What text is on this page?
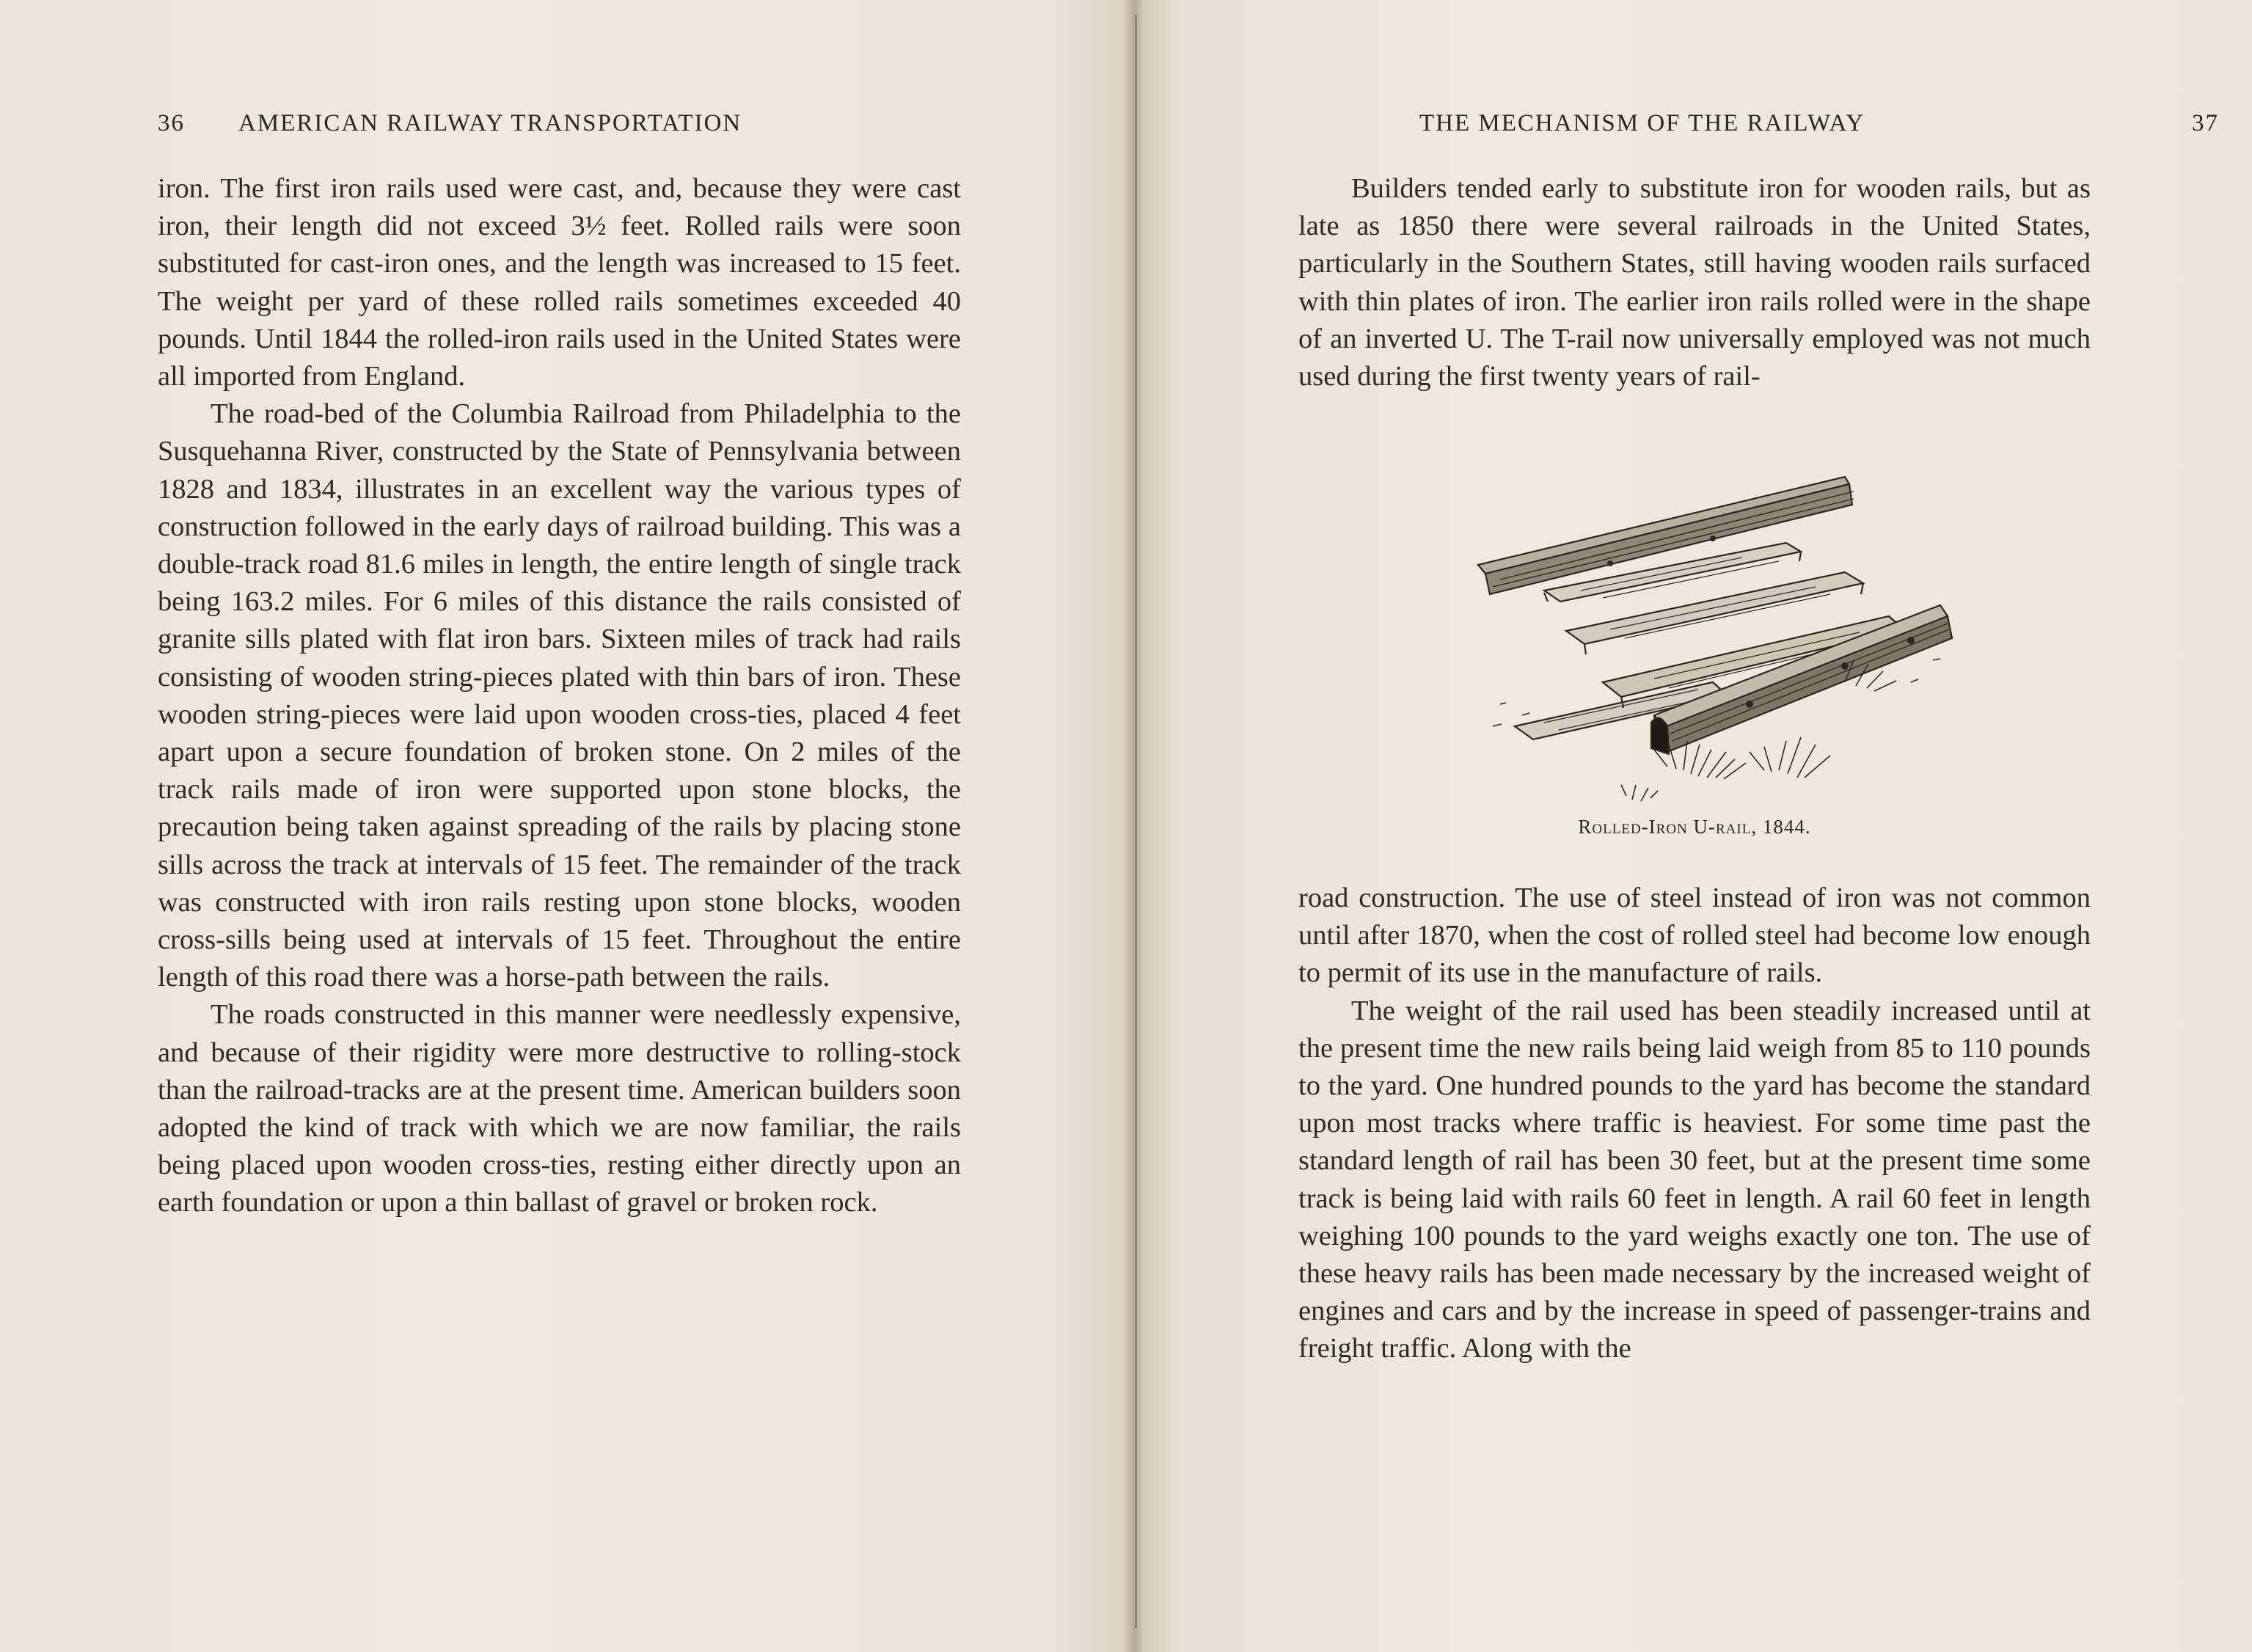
36	AMERICAN RAILWAY TRANSPORTATION

iron. The first iron rails used were cast, and, because they were cast iron, their length did not exceed 3½ feet. Rolled rails were soon substituted for cast-iron ones, and the length was increased to 15 feet. The weight per yard of these rolled rails sometimes exceeded 40 pounds. Until 1844 the rolled-iron rails used in the United States were all imported from England.

The road-bed of the Columbia Railroad from Philadelphia to the Susquehanna River, constructed by the State of Pennsylvania between 1828 and 1834, illustrates in an excellent way the various types of construction followed in the early days of railroad building. This was a double-track road 81.6 miles in length, the entire length of single track being 163.2 miles. For 6 miles of this distance the rails consisted of granite sills plated with flat iron bars. Sixteen miles of track had rails consisting of wooden string-pieces plated with thin bars of iron. These wooden string-pieces were laid upon wooden cross-ties, placed 4 feet apart upon a secure foundation of broken stone. On 2 miles of the track rails made of iron were supported upon stone blocks, the precaution being taken against spreading of the rails by placing stone sills across the track at intervals of 15 feet. The remainder of the track was constructed with iron rails resting upon stone blocks, wooden cross-sills being used at intervals of 15 feet. Throughout the entire length of this road there was a horse-path between the rails.

The roads constructed in this manner were needlessly expensive, and because of their rigidity were more destructive to rolling-stock than the railroad-tracks are at the present time. American builders soon adopted the kind of track with which we are now familiar, the rails being placed upon wooden cross-ties, resting either directly upon an earth foundation or upon a thin ballast of gravel or broken rock.

THE MECHANISM OF THE RAILWAY	37

Builders tended early to substitute iron for wooden rails, but as late as 1850 there were several railroads in the United States, particularly in the Southern States, still having wooden rails surfaced with thin plates of iron. The earlier iron rails rolled were in the shape of an inverted U. The T-rail now universally employed was not much used during the first twenty years of rail-

Rolled-Iron U-rail, 1844.

road construction. The use of steel instead of iron was not common until after 1870, when the cost of rolled steel had become low enough to permit of its use in the manufacture of rails.

The weight of the rail used has been steadily increased until at the present time the new rails being laid weigh from 85 to 110 pounds to the yard. One hundred pounds to the yard has become the standard upon most tracks where traffic is heaviest. For some time past the standard length of rail has been 30 feet, but at the present time some track is being laid with rails 60 feet in length. A rail 60 feet in length weighing 100 pounds to the yard weighs exactly one ton. The use of these heavy rails has been made necessary by the increased weight of engines and cars and by the increase in speed of passenger-trains and freight traffic. Along with the
